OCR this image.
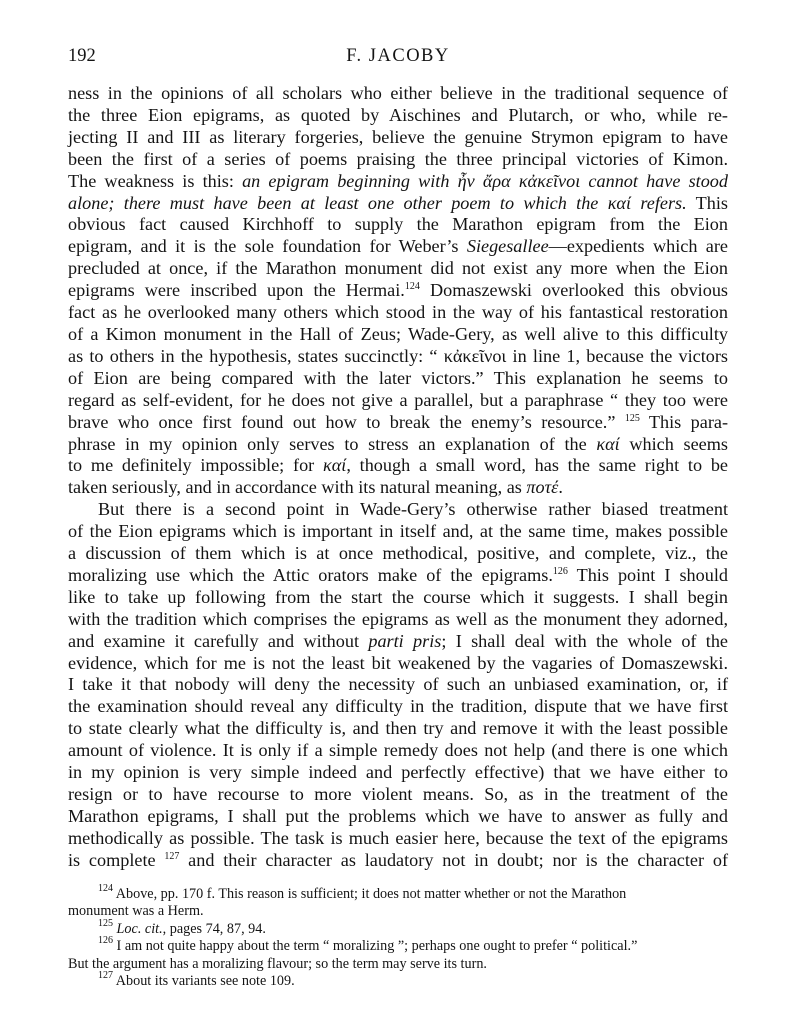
192	F. JACOBY

ness in the opinions of all scholars who either believe in the traditional sequence of
the three Eion epigrams, as quoted by Aischines and Plutarch, or who, while re-
jecting II and III as literary forgeries, believe the genuine Strymon epigram to have
been the first of a series of poems praising the three principal victories of Kimon.
The weakness is this: an epigram beginning with ἦν ἄρα κἀκεῖνοι cannot have stood
alone; there must have been at least one other poem to which the καί refers. This
obvious fact caused Kirchhoff to supply the Marathon epigram from the Eion
epigram, and it is the sole foundation for Weber’s Siegesallee—expedients which are
precluded at once, if the Marathon monument did not exist any more when the Eion
epigrams were inscribed upon the Hermai.$^{124}$ Domaszewski overlooked this obvious
fact as he overlooked many others which stood in the way of his fantastical restoration
of a Kimon monument in the Hall of Zeus; Wade-Gery, as well alive to this difficulty
as to others in the hypothesis, states succinctly: “ κἀκεῖνοι in line 1, because the victors
of Eion are being compared with the later victors.” This explanation he seems to
regard as self-evident, for he does not give a parallel, but a paraphrase “ they too were
brave who once first found out how to break the enemy’s resource.” $^{125}$ This para-
phrase in my opinion only serves to stress an explanation of the καί which seems
to me definitely impossible; for καί, though a small word, has the same right to be

taken seriously, and in accordance with its natural meaning, as ποτέ.

But there is a second point in Wade-Gery’s otherwise rather biased treatment
of the Eion epigrams which is important in itself and, at the same time, makes possible
a discussion of them which is at once methodical, positive, and complete, viz., the
moralizing use which the Attic orators make of the epigrams.$^{126}$ This point I should
like to take up following from the start the course which it suggests. I shall begin
with the tradition which comprises the epigrams as well as the monument they adorned,
and examine it carefully and without parti pris; I shall deal with the whole of the
evidence, which for me is not the least bit weakened by the vagaries of Domaszewski.
I take it that nobody will deny the necessity of such an unbiased examination, or, if
the examination should reveal any difficulty in the tradition, dispute that we have first
to state clearly what the difficulty is, and then try and remove it with the least possible
amount of violence. It is only if a simple remedy does not help (and there is one which
in my opinion is very simple indeed and perfectly effective) that we have either to
resign or to have recourse to more violent means. So, as in the treatment of the
Marathon epigrams, I shall put the problems which we have to answer as fully and
methodically as possible. The task is much easier here, because the text of the epigrams
is complete $^{127}$ and their character as laudatory not in doubt; nor is the character of

$^{124}$ Above, pp. 170 f. This reason is sufficient; it does not matter whether or not the Marathon

monument was a Herm.

$^{125}$ Loc. cit., pages 74, 87, 94.

$^{126}$ I am not quite happy about the term “ moralizing ”; perhaps one ought to prefer “ political.”

But the argument has a moralizing flavour; so the term may serve its turn.

$^{127}$ About its variants see note 109.
